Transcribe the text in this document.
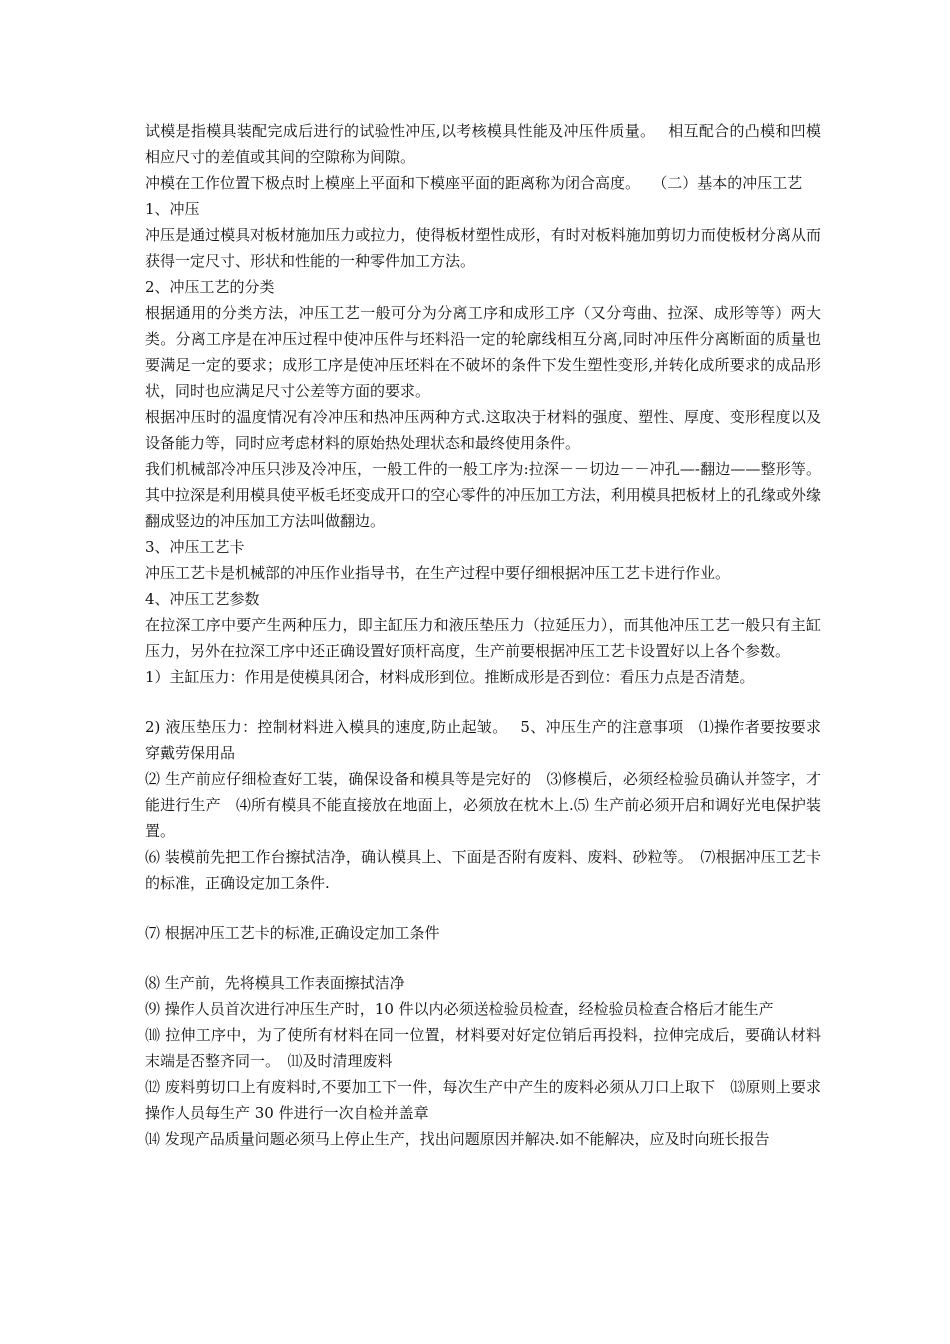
试模是指模具装配完成后进行的试验性冲压,以考核模具性能及冲压件质量。　 相互配合的凸模和凹模相应尺寸的差值或其间的空隙称为间隙。

冲模在工作位置下极点时上模座上平面和下模座平面的距离称为闭合高度。　 （二）基本的冲压工艺

1、冲压

冲压是通过模具对板材施加压力或拉力，使得板材塑性成形，有时对板料施加剪切力而使板材分离从而获得一定尺寸、形状和性能的一种零件加工方法。

2、冲压工艺的分类

根据通用的分类方法，冲压工艺一般可分为分离工序和成形工序（又分弯曲、拉深、成形等等）两大类。分离工序是在冲压过程中使冲压件与坯料沿一定的轮廓线相互分离,同时冲压件分离断面的质量也要满足一定的要求；成形工序是使冲压坯料在不破坏的条件下发生塑性变形,并转化成所要求的成品形状，同时也应满足尺寸公差等方面的要求。

根据冲压时的温度情况有冷冲压和热冲压两种方式.这取决于材料的强度、塑性、厚度、变形程度以及设备能力等，同时应考虑材料的原始热处理状态和最终使用条件。

我们机械部冷冲压只涉及冷冲压，一般工件的一般工序为:拉深－－切边－－冲孔—-翻边——整形等。其中拉深是利用模具使平板毛坯变成开口的空心零件的冲压加工方法，利用模具把板材上的孔缘或外缘翻成竖边的冲压加工方法叫做翻边。

3、冲压工艺卡

冲压工艺卡是机械部的冲压作业指导书，在生产过程中要仔细根据冲压工艺卡进行作业。

4、冲压工艺参数

在拉深工序中要产生两种压力，即主缸压力和液压垫压力（拉延压力），而其他冲压工艺一般只有主缸压力，另外在拉深工序中还正确设置好顶杆高度，生产前要根据冲压工艺卡设置好以上各个参数。

1）主缸压力：作用是使模具闭合，材料成形到位。推断成形是否到位：看压力点是否清楚。

2) 液压垫压力：控制材料进入模具的速度,防止起皱。　 5、冲压生产的注意事项　⑴操作者要按要求穿戴劳保用品

⑵ 生产前应仔细检查好工装，确保设备和模具等是完好的　⑶修模后，必须经检验员确认并签字，才能进行生产　⑷所有模具不能直接放在地面上，必须放在枕木上.⑸ 生产前必须开启和调好光电保护装置。

⑹ 装模前先把工作台擦拭洁净，确认模具上、下面是否附有废料、废料、砂粒等。　⑺根据冲压工艺卡的标准，正确设定加工条件.

⑺ 根据冲压工艺卡的标准,正确设定加工条件

⑻ 生产前，先将模具工作表面擦拭洁净

⑼ 操作人员首次进行冲压生产时，10 件以内必须送检验员检查，经检验员检查合格后才能生产

⑽ 拉伸工序中，为了使所有材料在同一位置，材料要对好定位销后再投料，拉伸完成后，要确认材料末端是否整齐同一。　⑾及时清理废料

⑿ 废料剪切口上有废料时,不要加工下一件，每次生产中产生的废料必须从刀口上取下　⒀原则上要求操作人员每生产 30 件进行一次自检并盖章

⒁ 发现产品质量问题必须马上停止生产，找出问题原因并解决.如不能解决，应及时向班长报告
